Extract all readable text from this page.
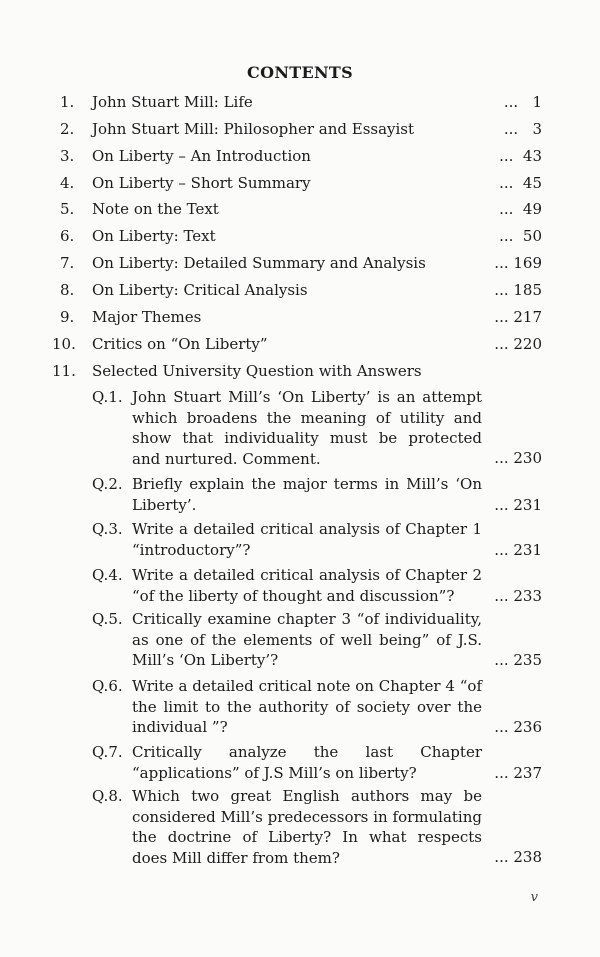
CONTENTS
1. John Stuart Mill: Life	...   1
2. John Stuart Mill: Philosopher and Essayist	...   3
3. On Liberty – An Introduction	...  43
4. On Liberty – Short Summary	...  45
5. Note on the Text	...  49
6. On Liberty: Text	...  50
7. On Liberty: Detailed Summary and Analysis	... 169
8. On Liberty: Critical Analysis	... 185
9. Major Themes	... 217
10. Critics on “On Liberty”	... 220
11. Selected University Question with Answers
Q.1. John Stuart Mill’s ‘On Liberty’ is an attempt which broadens the meaning of utility and show that individuality must be protected and nurtured. Comment.	... 230
Q.2. Briefly explain the major terms in Mill’s ‘On Liberty’.	... 231
Q.3. Write a detailed critical analysis of Chapter 1 “introductory”?	... 231
Q.4. Write a detailed critical analysis of Chapter 2 “of the liberty of thought and discussion”?	... 233
Q.5. Critically examine chapter 3 “of individuality, as one of the elements of well being” of J.S. Mill’s ‘On Liberty’?	... 235
Q.6. Write a detailed critical note on Chapter 4 “of the limit to the authority of society over the individual ”?	... 236
Q.7. Critically analyze the last Chapter “applications” of J.S Mill’s on liberty?	... 237
Q.8. Which two great English authors may be considered Mill’s predecessors in formulating the doctrine of Liberty? In what respects does Mill differ from them?	... 238
v
